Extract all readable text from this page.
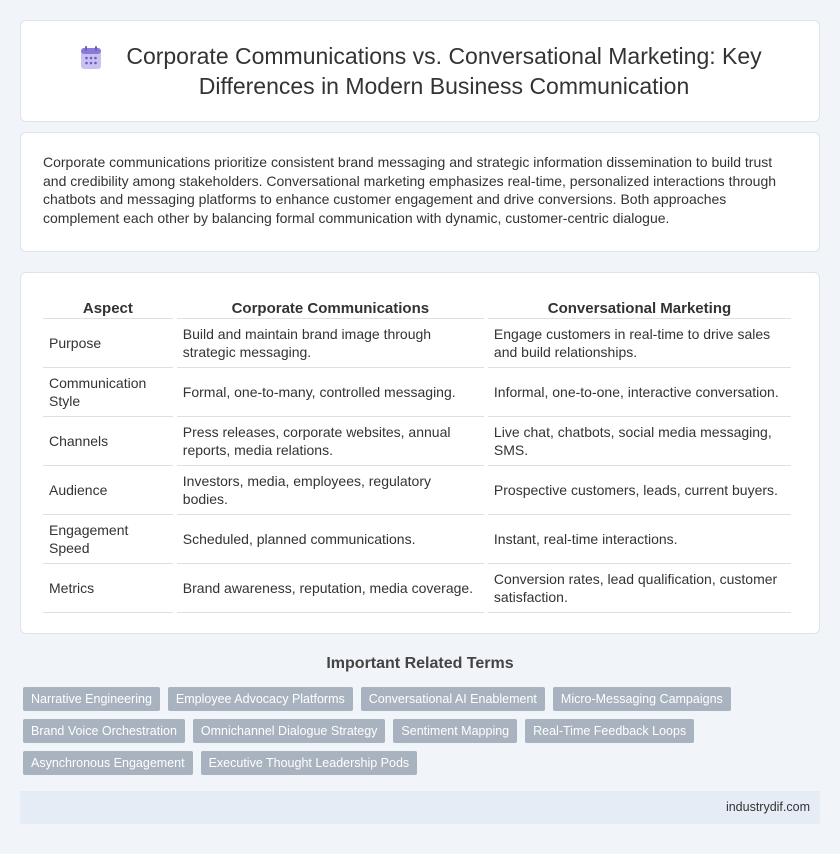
Corporate Communications vs. Conversational Marketing: Key
Differences in Modern Business Communication

Corporate communications prioritize consistent brand messaging and strategic information dissemination to build trust and credibility among stakeholders. Conversational marketing emphasizes real-time, personalized interactions through chatbots and messaging platforms to enhance customer engagement and drive conversions. Both approaches complement each other by balancing formal communication with dynamic, customer-centric dialogue.

Aspect	Corporate Communications	Conversational Marketing
Purpose	Build and maintain brand image through strategic messaging.	Engage customers in real-time to drive sales and build relationships.
Communication Style	Formal, one-to-many, controlled messaging.	Informal, one-to-one, interactive conversation.
Channels	Press releases, corporate websites, annual reports, media relations.	Live chat, chatbots, social media messaging, SMS.
Audience	Investors, media, employees, regulatory bodies.	Prospective customers, leads, current buyers.
Engagement Speed	Scheduled, planned communications.	Instant, real-time interactions.
Metrics	Brand awareness, reputation, media coverage.	Conversion rates, lead qualification, customer satisfaction.
Important Related Terms
Narrative Engineering	Employee Advocacy Platforms	Conversational AI Enablement	Micro-Messaging Campaigns
Brand Voice Orchestration	Omnichannel Dialogue Strategy	Sentiment Mapping	Real-Time Feedback Loops
Asynchronous Engagement	Executive Thought Leadership Pods
industrydif.com
